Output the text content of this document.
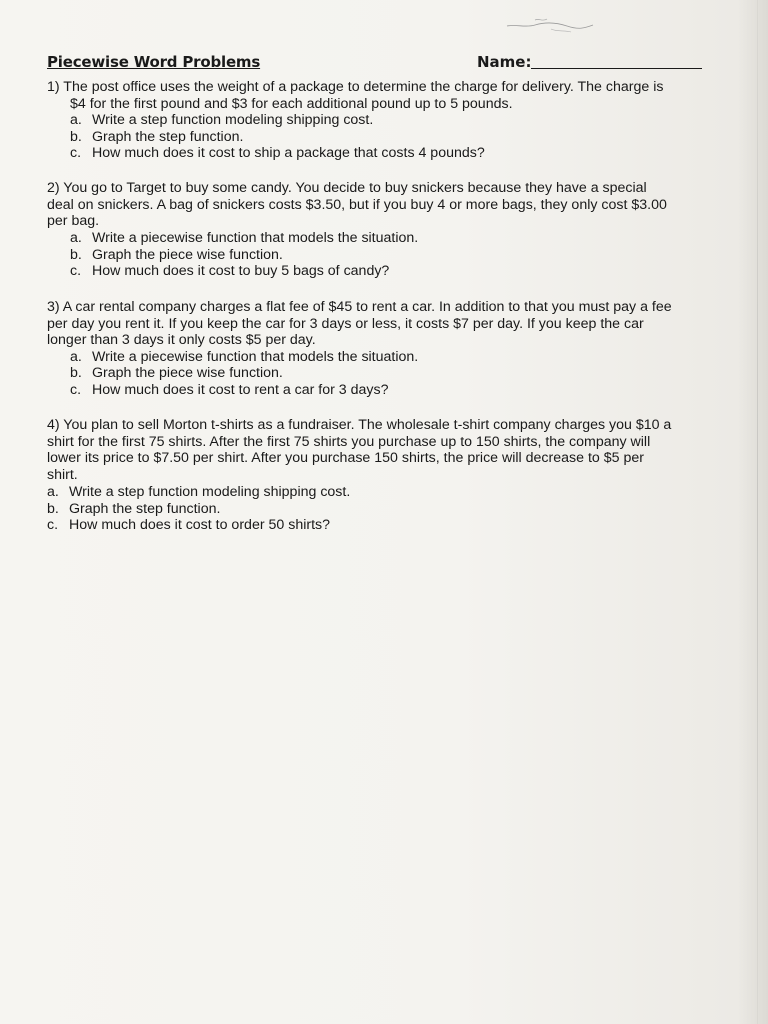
Piecewise Word Problems	Name:
1) The post office uses the weight of a package to determine the charge for delivery. The charge is
$4 for the first pound and $3 for each additional pound up to 5 pounds.
a. Write a step function modeling shipping cost.
b. Graph the step function.
c. How much does it cost to ship a package that costs 4 pounds?
2) You go to Target to buy some candy. You decide to buy snickers because they have a special
deal on snickers. A bag of snickers costs $3.50, but if you buy 4 or more bags, they only cost $3.00
per bag.
a. Write a piecewise function that models the situation.
b. Graph the piece wise function.
c. How much does it cost to buy 5 bags of candy?
3) A car rental company charges a flat fee of $45 to rent a car. In addition to that you must pay a fee
per day you rent it. If you keep the car for 3 days or less, it costs $7 per day. If you keep the car
longer than 3 days it only costs $5 per day.
a. Write a piecewise function that models the situation.
b. Graph the piece wise function.
c. How much does it cost to rent a car for 3 days?
4) You plan to sell Morton t-shirts as a fundraiser. The wholesale t-shirt company charges you $10 a
shirt for the first 75 shirts. After the first 75 shirts you purchase up to 150 shirts, the company will
lower its price to $7.50 per shirt. After you purchase 150 shirts, the price will decrease to $5 per
shirt.
a. Write a step function modeling shipping cost.
b. Graph the step function.
c. How much does it cost to order 50 shirts?
